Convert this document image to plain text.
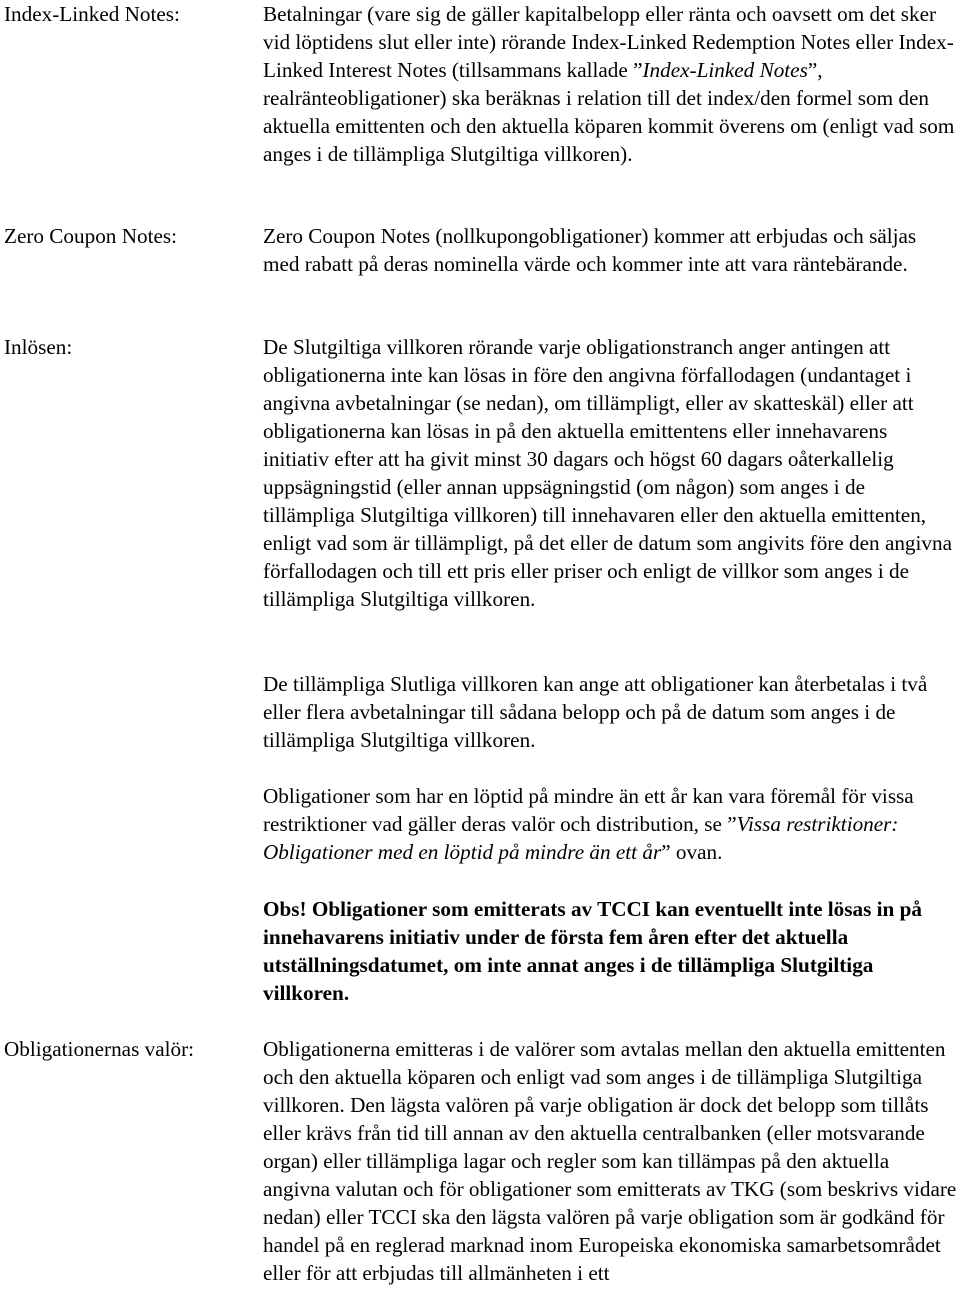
Index-Linked Notes:	Betalningar (vare sig de gäller kapitalbelopp eller ränta och oavsett om det sker vid löptidens slut eller inte) rörande Index-Linked Redemption Notes eller Index-Linked Interest Notes (tillsammans kallade ”Index-Linked Notes”, realränteobligationer) ska beräknas i relation till det index/den formel som den aktuella emittenten och den aktuella köparen kommit överens om (enligt vad som anges i de tillämpliga Slutgiltiga villkoren).

Zero Coupon Notes:	Zero Coupon Notes (nollkupongobligationer) kommer att erbjudas och säljas med rabatt på deras nominella värde och kommer inte att vara räntebärande.

Inlösen:	De Slutgiltiga villkoren rörande varje obligationstranch anger antingen att obligationerna inte kan lösas in före den angivna förfallodagen (undantaget i angivna avbetalningar (se nedan), om tillämpligt, eller av skatteskäl) eller att obligationerna kan lösas in på den aktuella emittentens eller innehavarens initiativ efter att ha givit minst 30 dagars och högst 60 dagars oåterkallelig uppsägningstid (eller annan uppsägningstid (om någon) som anges i de tillämpliga Slutgiltiga villkoren) till innehavaren eller den aktuella emittenten, enligt vad som är tillämpligt, på det eller de datum som angivits före den angivna förfallodagen och till ett pris eller priser och enligt de villkor som anges i de tillämpliga Slutgiltiga villkoren.

De tillämpliga Slutliga villkoren kan ange att obligationer kan återbetalas i två eller flera avbetalningar till sådana belopp och på de datum som anges i de tillämpliga Slutgiltiga villkoren.

Obligationer som har en löptid på mindre än ett år kan vara föremål för vissa restriktioner vad gäller deras valör och distribution, se ”Vissa restriktioner: Obligationer med en löptid på mindre än ett år” ovan.

Obs! Obligationer som emitterats av TCCI kan eventuellt inte lösas in på innehavarens initiativ under de första fem åren efter det aktuella utställningsdatumet, om inte annat anges i de tillämpliga Slutgiltiga villkoren.

Obligationernas valör:	Obligationerna emitteras i de valörer som avtalas mellan den aktuella emittenten och den aktuella köparen och enligt vad som anges i de tillämpliga Slutgiltiga villkoren. Den lägsta valören på varje obligation är dock det belopp som tillåts eller krävs från tid till annan av den aktuella centralbanken (eller motsvarande organ) eller tillämpliga lagar och regler som kan tillämpas på den aktuella angivna valutan och för obligationer som emitterats av TKG (som beskrivs vidare nedan) eller TCCI ska den lägsta valören på varje obligation som är godkänd för handel på en reglerad marknad inom Europeiska ekonomiska samarbetsområdet eller för att erbjudas till allmänheten i ett
